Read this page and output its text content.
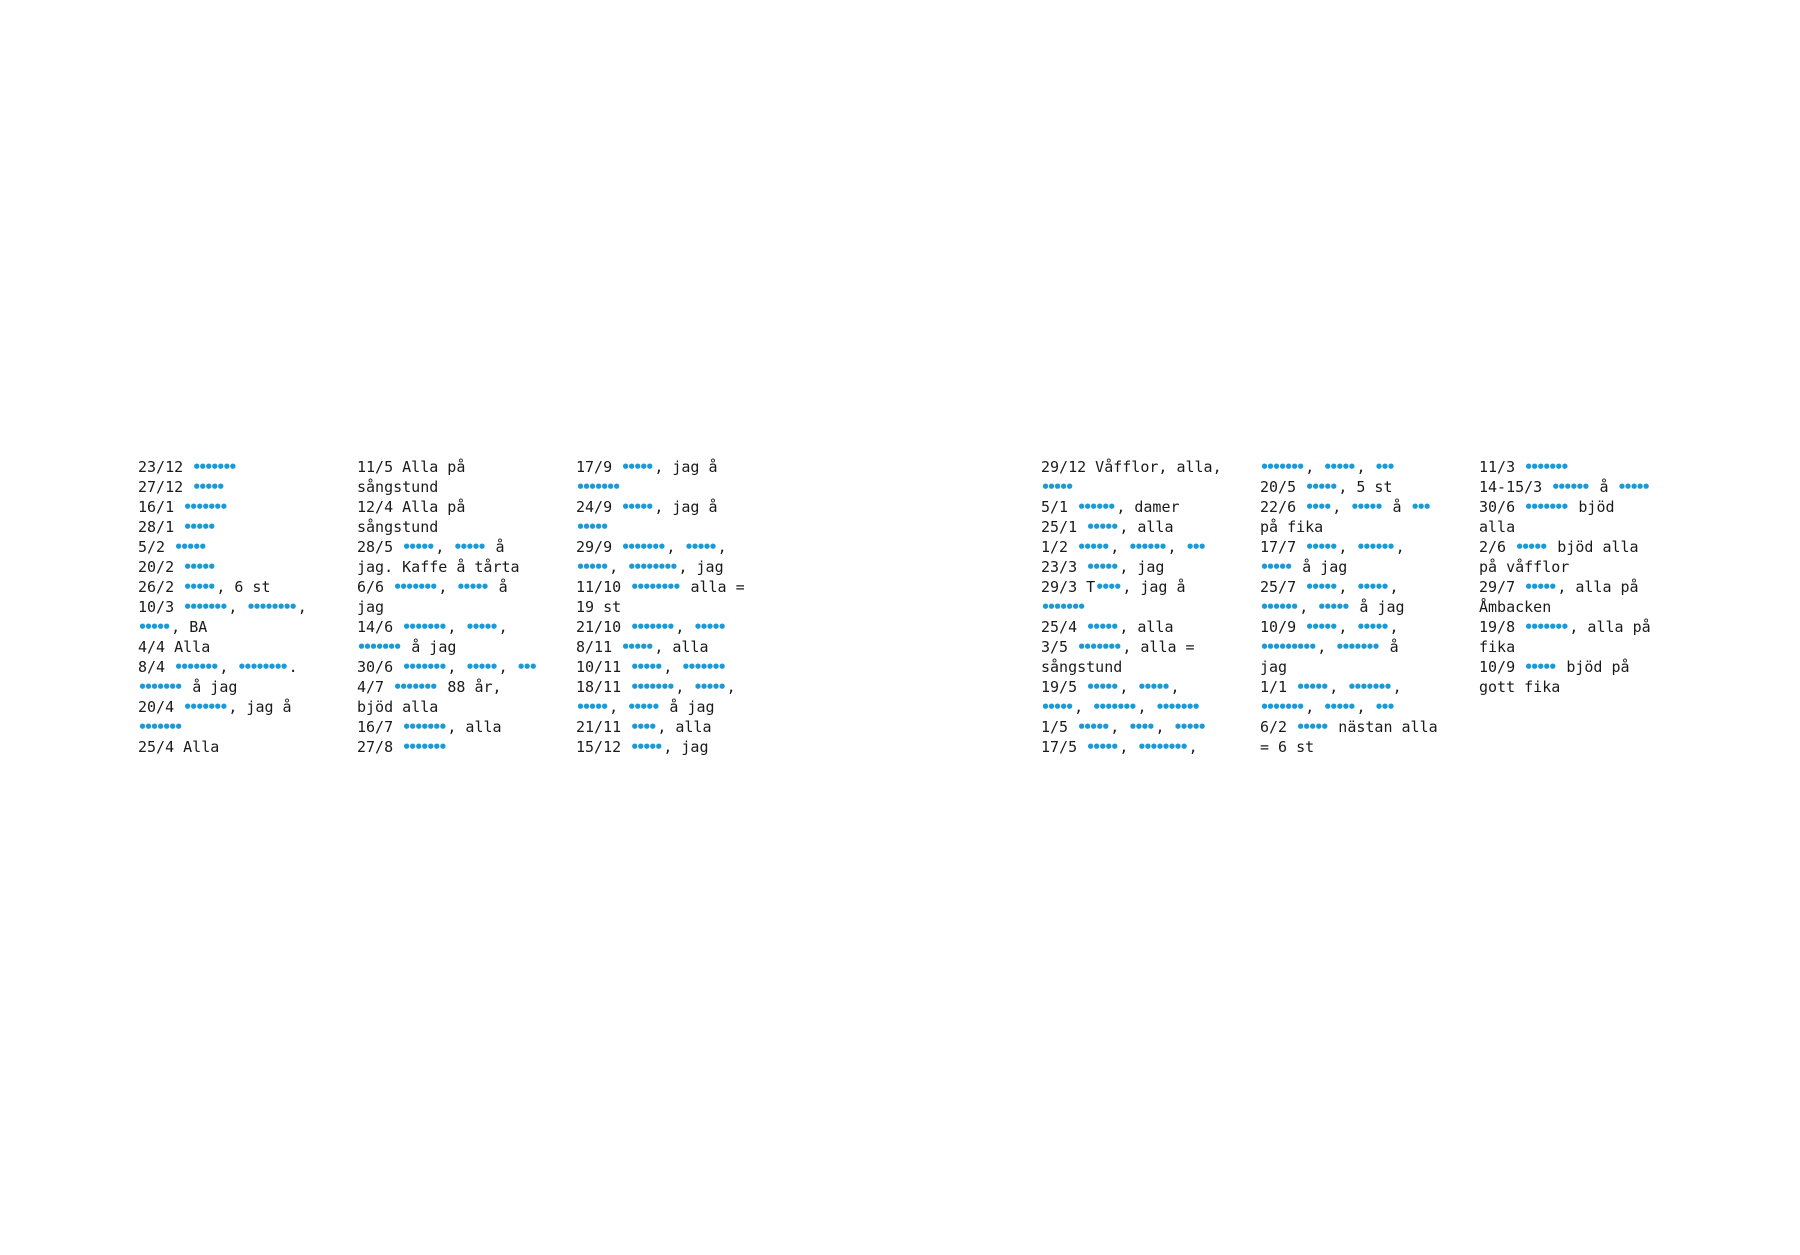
23/12 •••••••
27/12 •••••
16/1 •••••••
28/1 •••••
5/2 •••••
20/2 •••••
26/2 ••••• , 6 st
10/3 ••••••• , •••••••• ,
••••• , BA
4/4 Alla
8/4 ••••••• , •••••••• .
••••••• å jag
20/4 ••••••• , jag å
•••••••
25/4 Alla
11/5 Alla på
sångstund
12/4 Alla på
sångstund
28/5 ••••• , ••••• å
jag. Kaffe å tårta
6/6 ••••••• , ••••• å
jag
14/6 ••••••• , ••••• ,
••••••• å jag
30/6 ••••••• , ••••• , •••
4/7 ••••••• 88 år,
bjöd alla
16/7 ••••••• , alla
27/8 •••••••
17/9 ••••• , jag å
•••••••
24/9 ••••• , jag å
•••••
29/9 ••••••• , ••••• ,
••••• , •••••••• , jag
11/10 •••••••• alla =
19 st
21/10 ••••••• , •••••
8/11 ••••• , alla
10/11 ••••• , •••••••
18/11 ••••••• , ••••• ,
••••• , ••••• å jag
21/11 •••• , alla
15/12 ••••• , jag
29/12 Våfflor, alla,
•••••
5/1 •••••• , damer
25/1 ••••• , alla
1/2 ••••• , •••••• , •••
23/3 ••••• , jag
29/3 T•••• , jag å
•••••••
25/4 ••••• , alla
3/5 ••••••• , alla =
sångstund
19/5 ••••• , ••••• ,
••••• , ••••••• , •••••••
1/5 ••••• , •••• , •••••
17/5 ••••• , •••••••• ,
••••••• , ••••• , •••
20/5 ••••• , 5 st
22/6 •••• , ••••• å •••
på fika
17/7 ••••• , •••••• ,
••••• å jag
25/7 ••••• , ••••• ,
•••••• , ••••• å jag
10/9 ••••• , ••••• ,
••••••••• , ••••••• å
jag
1/1 ••••• , ••••••• ,
••••••• , ••••• , •••
6/2 ••••• nästan alla
= 6 st
11/3 •••••••
14-15/3 •••••• å •••••
30/6 ••••••• bjöd
alla
2/6 ••••• bjöd alla
på våfflor
29/7 ••••• , alla på
Åmbacken
19/8 ••••••• , alla på
fika
10/9 ••••• bjöd på
gott fika
